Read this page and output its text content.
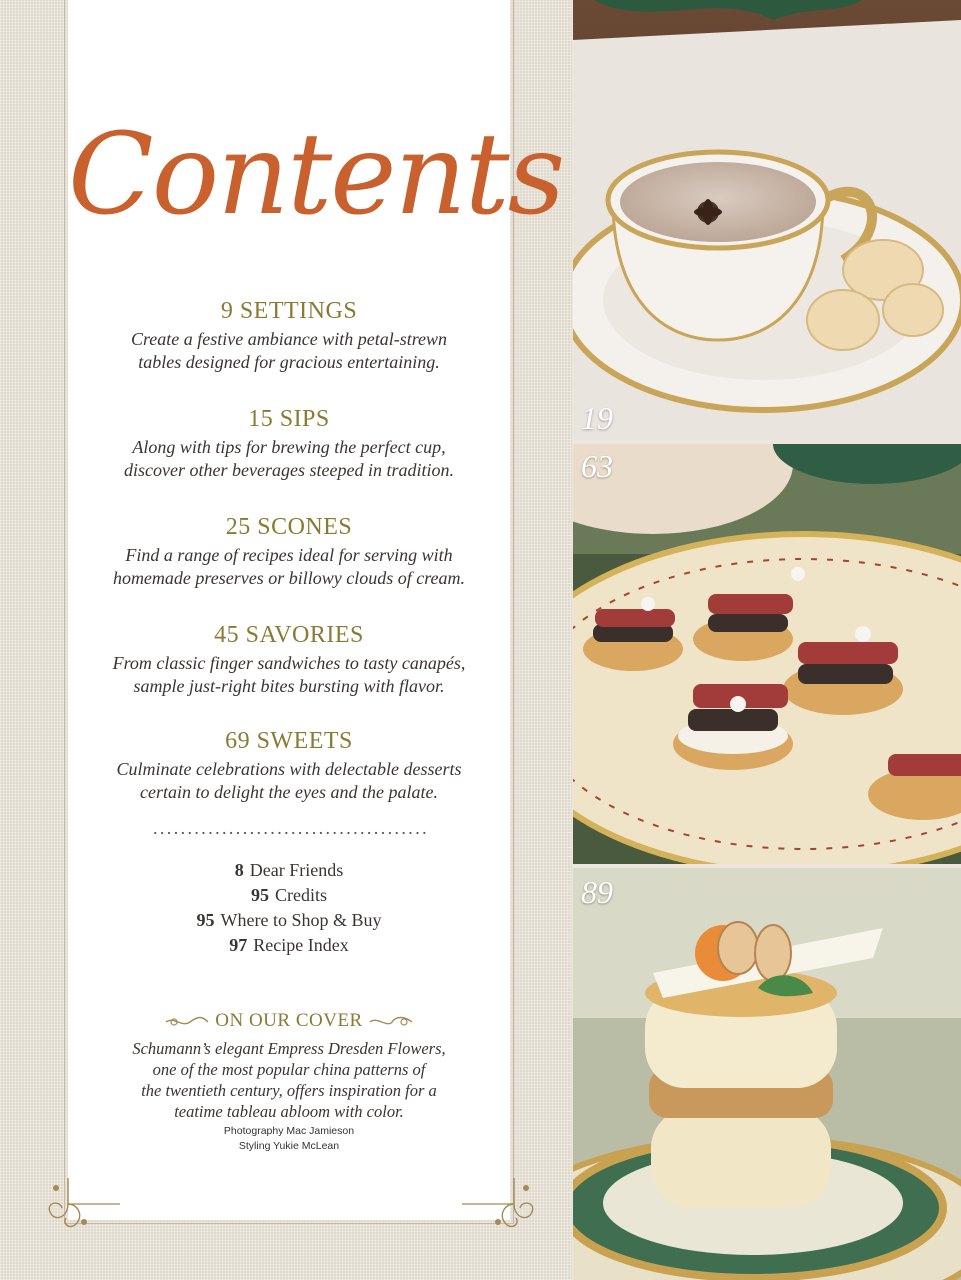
Contents
9 SETTINGS
Create a festive ambiance with petal-strewn
tables designed for gracious entertaining.
15 SIPS
Along with tips for brewing the perfect cup,
discover other beverages steeped in tradition.
25 SCONES
Find a range of recipes ideal for serving with
homemade preserves or billowy clouds of cream.
45 SAVORIES
From classic finger sandwiches to tasty canapés,
sample just-right bites bursting with flavor.
69 SWEETS
Culminate celebrations with delectable desserts
certain to delight the eyes and the palate.
........................................
8 Dear Friends
95 Credits
95 Where to Shop & Buy
97 Recipe Index
ON OUR COVER
Schumann’s elegant Empress Dresden Flowers,
one of the most popular china patterns of
the twentieth century, offers inspiration for a
teatime tableau abloom with color.
Photography Mac Jamieson
Styling Yukie McLean
19
63
89
